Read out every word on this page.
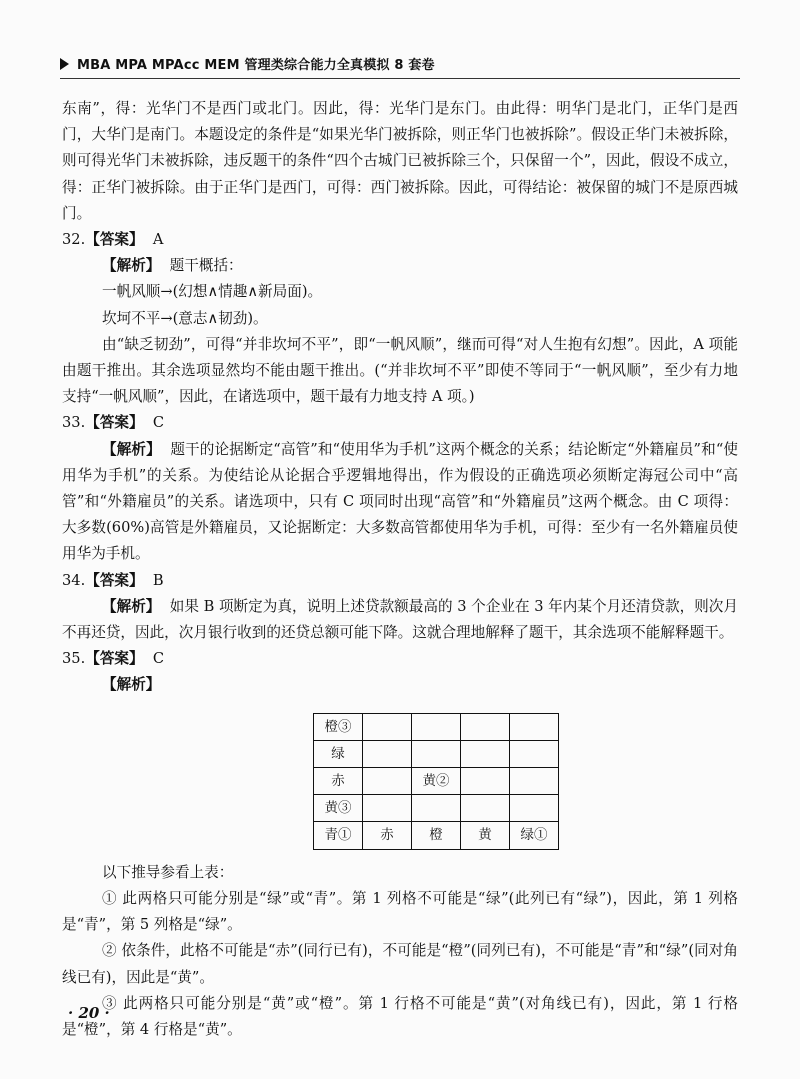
MBA MPA MPAcc MEM 管理类综合能力全真模拟 8 套卷

东南”，得：光华门不是西门或北门。因此，得：光华门是东门。由此得：明华门是北门，正华门是西门，大华门是南门。本题设定的条件是“如果光华门被拆除，则正华门也被拆除”。假设正华门未被拆除，则可得光华门未被拆除，违反题干的条件“四个古城门已被拆除三个，只保留一个”，因此，假设不成立，得：正华门被拆除。由于正华门是西门，可得：西门被拆除。因此，可得结论：被保留的城门不是原西城门。

32.【答案】 A

【解析】 题干概括：

一帆风顺→(幻想∧情趣∧新局面)。

坎坷不平→(意志∧韧劲)。

由“缺乏韧劲”，可得“并非坎坷不平”，即“一帆风顺”，继而可得“对人生抱有幻想”。因此，A 项能由题干推出。其余选项显然均不能由题干推出。(“并非坎坷不平”即使不等同于“一帆风顺”，至少有力地支持“一帆风顺”，因此，在诸选项中，题干最有力地支持 A 项。)

33.【答案】 C

【解析】 题干的论据断定“高管”和“使用华为手机”这两个概念的关系；结论断定“外籍雇员”和“使用华为手机”的关系。为使结论从论据合乎逻辑地得出，作为假设的正确选项必须断定海冠公司中“高管”和“外籍雇员”的关系。诸选项中，只有 C 项同时出现“高管”和“外籍雇员”这两个概念。由 C 项得：大多数(60%)高管是外籍雇员，又论据断定：大多数高管都使用华为手机，可得：至少有一名外籍雇员使用华为手机。

34.【答案】 B

【解析】 如果 B 项断定为真，说明上述贷款额最高的 3 个企业在 3 年内某个月还清贷款，则次月不再还贷，因此，次月银行收到的还贷总额可能下降。这就合理地解释了题干，其余选项不能解释题干。

35.【答案】 C

【解析】

橙③				
绿				
赤		黄②		
黄③				
青①	赤	橙	黄	绿①

以下推导参看上表：

① 此两格只可能分别是“绿”或“青”。第 1 列格不可能是“绿”(此列已有“绿”)，因此，第 1 列格是“青”，第 5 列格是“绿”。

② 依条件，此格不可能是“赤”(同行已有)，不可能是“橙”(同列已有)，不可能是“青”和“绿”(同对角线已有)，因此是“黄”。

③ 此两格只可能分别是“黄”或“橙”。第 1 行格不可能是“黄”(对角线已有)，因此，第 1 行格是“橙”，第 4 行格是“黄”。

· 20 ·
